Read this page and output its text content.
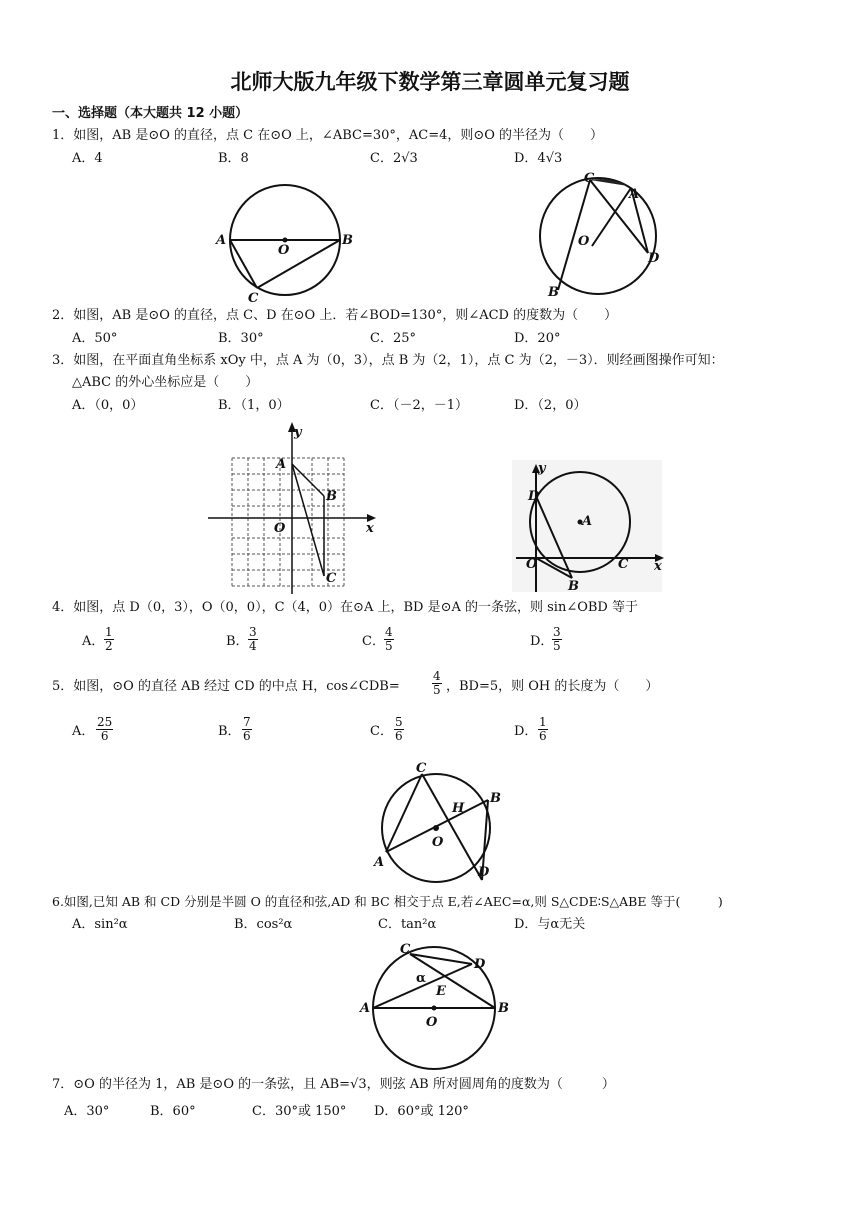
北师大版九年级下数学第三章圆单元复习题
一、选择题（本大题共 12 小题）
1．如图，AB 是⊙O 的直径，点 C 在⊙O 上，∠ABC=30°，AC=4，则⊙O 的半径为（　　）
A．4	B．8	C．2√3	D．4√3
A
O
B
C
C
A
O
D
B
2．如图，AB 是⊙O 的直径，点 C、D 在⊙O 上．若∠BOD=130°，则∠ACD 的度数为（　　）
A．50°	B．30°	C．25°	D．20°
3．如图，在平面直角坐标系 xOy 中，点 A 为（0，3），点 B 为（2，1），点 C 为（2，－3）．则经画图操作可知：
△ABC 的外心坐标应是（　　）
A．（0，0）	B．（1，0）	C．（－2，－1）	D．（2，0）
y
A
B
O	x
C
y
D
A
O
B
C x
4．如图，点 D（0，3），O（0，0），C（4，0）在⊙A 上，BD 是⊙A 的一条弦，则 sin∠OBD 等于
A． $\frac{1}{2}$	B． $\frac{3}{4}$	C． $\frac{4}{5}$	D．
$\frac{3}{5}$
5．如图，⊙O 的直径 AB 经过 CD 的中点 H，cos∠CDB=	$\frac{4}{5}$ ，BD=5，则 OH 的长度为（　　）
A． $\frac{25}{6}$	B． $\frac{7}{6}$	C． $\frac{5}{6}$	D． $\frac{1}{6}$
C
H
B
O
A
D
6.如图,已知 AB 和 CD 分别是半圆 O 的直径和弦,AD 和 BC 相交于点 E,若∠AEC=α,则 S△CDE∶S△ABE 等于(　　　)
A．sin²α	B．cos²α	C．tan²α	D．与α无关
C
D
α
E
A
O
B
7．⊙O 的半径为 1，AB 是⊙O 的一条弦，且 AB=√3，则弦 AB 所对圆周角的度数为（　　　）
A．30°	B．60°	C．30°或 150° D．60°或 120°
